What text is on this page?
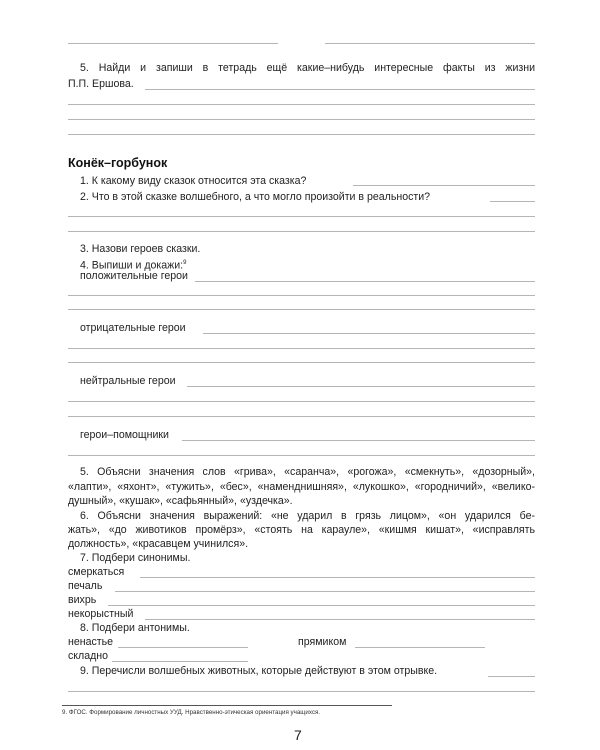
5. Найди и запиши в тетрадь ещё какие–нибудь интересные факты из жизни
П.П. Ершова.
Конёк–горбунок
1. К какому виду сказок относится эта сказка?
2. Что в этой сказке волшебного, а что могло произойти в реальности?
3. Назови героев сказки.
4. Выпиши и докажи:$^9$
положительные герои
отрицательные герои
нейтральные герои
герои–помощники
5. Объясни значения слов «грива», «саранча», «рогожа», «смекнуть», «дозорный»,
«лапти», «яхонт», «тужить», «бес», «наменднишняя», «лукошко», «городничий», «велико-
душный», «кушак», «сафьянный», «уздечка».
6. Объясни значения выражений: «не ударил в грязь лицом», «он ударился бе-
жать», «до животиков промёрз», «стоять на карауле», «кишмя кишат», «исправлять
должность», «красавцем учинился».
7. Подбери синонимы.
смеркаться
печаль
вихрь
некорыстный
8. Подбери антонимы.
ненастье	прямиком
складно
9. Перечисли волшебных животных, которые действуют в этом отрывке.
9. ФГОС. Формирование личностных УУД. Нравственно-этическая ориентация учащихся.
7
